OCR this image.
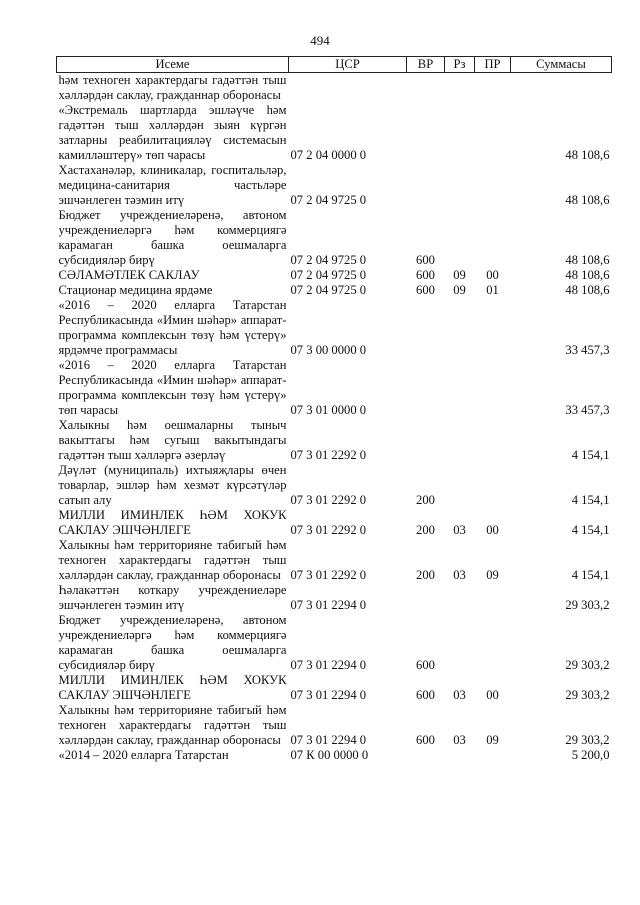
494
Исеме	ЦСР	ВР	Рз	ПР	Суммасы
һәм техноген характердагы гадәттән тыш хәлләрдән саклау, гражданнар оборонасы					
«Экстремаль шартларда эшләүче һәм гадәттән тыш хәлләрдән зыян күргән затларны реабилитацияләү системасын камилләштерү» төп чарасы	07 2 04 0000 0				48 108,6
Хастаханәләр, клиникалар, госпитальләр, медицина-санитария частьләре эшчәнлеген тәэмин итү	07 2 04 9725 0				48 108,6
Бюджет учреждениеләренә, автоном учреждениеләргә һәм коммерциягә карамаган башка оешмаларга субсидияләр бирү	07 2 04 9725 0	600			48 108,6
СӘЛАМӘТЛЕК САКЛАУ	07 2 04 9725 0	600	09	00	48 108,6
Стационар медицина ярдәме	07 2 04 9725 0	600	09	01	48 108,6
«2016 – 2020 елларга Татарстан Республикасында «Имин шәһәр» аппарат-программа комплексын төзү һәм үстерү» ярдәмче программасы	07 3 00 0000 0				33 457,3
«2016 – 2020 елларга Татарстан Республикасында «Имин шәһәр» аппарат-программа комплексын төзү һәм үстерү» төп чарасы	07 3 01 0000 0				33 457,3
Халыкны һәм оешмаларны тыныч вакыттагы һәм сугыш вакытындагы гадәттән тыш хәлләргә әзерләү	07 3 01 2292 0				4 154,1
Дәүләт (муниципаль) ихтыяҗлары өчен товарлар, эшләр һәм хезмәт күрсәтүләр сатып алу	07 3 01 2292 0	200			4 154,1
МИЛЛИ ИМИНЛЕК ҺӘМ ХОКУК САКЛАУ ЭШЧӘНЛЕГЕ	07 3 01 2292 0	200	03	00	4 154,1
Халыкны һәм территорияне табигый һәм техноген характердагы гадәттән тыш хәлләрдән саклау, гражданнар оборонасы	07 3 01 2292 0	200	03	09	4 154,1
Һәлакәттән коткару учреждениеләре эшчәнлеген тәэмин итү	07 3 01 2294 0				29 303,2
Бюджет учреждениеләренә, автоном учреждениеләргә һәм коммерциягә карамаган башка оешмаларга субсидияләр бирү	07 3 01 2294 0	600			29 303,2
МИЛЛИ ИМИНЛЕК ҺӘМ ХОКУК САКЛАУ ЭШЧӘНЛЕГЕ	07 3 01 2294 0	600	03	00	29 303,2
Халыкны һәм территорияне табигый һәм техноген характердагы гадәттән тыш хәлләрдән саклау, гражданнар оборонасы	07 3 01 2294 0	600	03	09	29 303,2
«2014 – 2020 елларга Татарстан	07 К 00 0000 0				5 200,0
